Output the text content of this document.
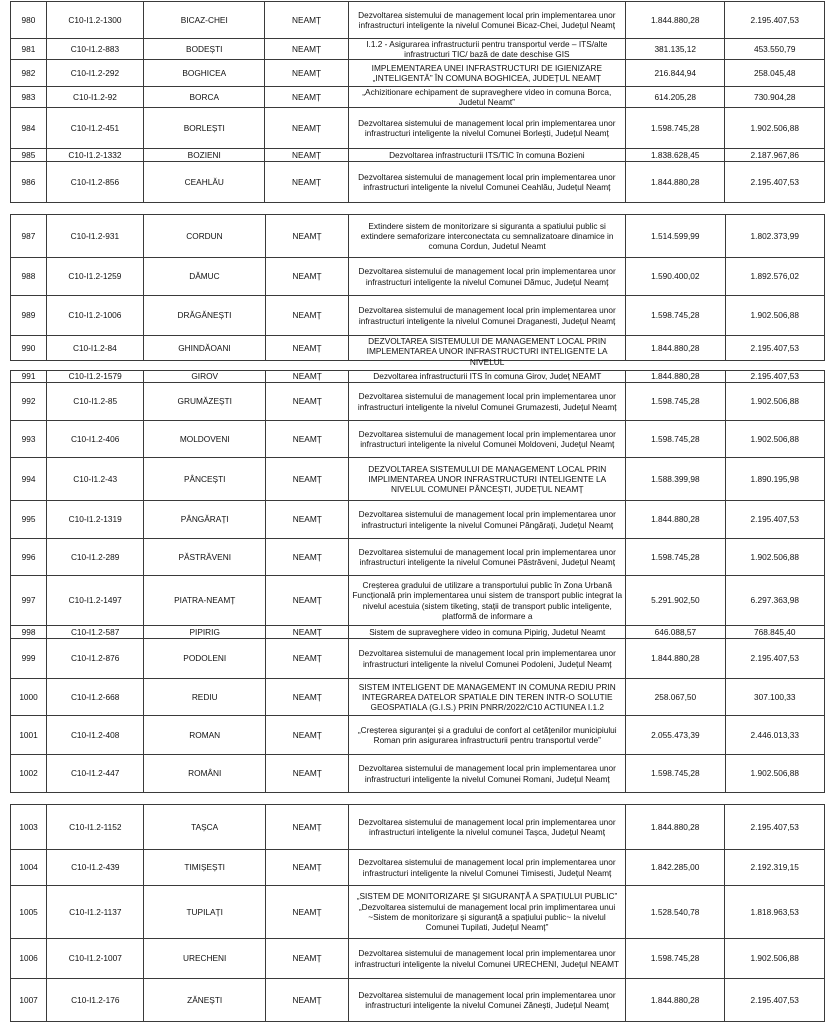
980	C10-I1.2-1300	BICAZ-CHEI	NEAMȚ	Dezvoltarea sistemului de management local prin implementarea unor infrastructuri inteligente la nivelul Comunei Bicaz-Chei, Județul Neamț	1.844.880,28	2.195.407,53
981	C10-I1.2-883	BODEȘTI	NEAMȚ	I.1.2 - Asigurarea infrastructurii pentru transportul verde – ITS/alte infrastructuri TIC/ bază de date deschise GIS	381.135,12	453.550,79
982	C10-I1.2-292	BOGHICEA	NEAMȚ	IMPLEMENTAREA UNEI INFRASTRUCTURI DE IGIENIZARE „INTELIGENTĂ” ÎN COMUNA BOGHICEA, JUDEȚUL NEAMȚ	216.844,94	258.045,48
983	C10-I1.2-92	BORCA	NEAMȚ	„Achizitionare echipament de supraveghere video in comuna Borca, Judetul Neamt”	614.205,28	730.904,28
984	C10-I1.2-451	BORLEȘTI	NEAMȚ	Dezvoltarea sistemului de management local prin implementarea unor infrastructuri inteligente la nivelul Comunei Borlești, Județul Neamț	1.598.745,28	1.902.506,88
985	C10-I1.2-1332	BOZIENI	NEAMȚ	Dezvoltarea infrastructurii ITS/TIC în comuna Bozieni	1.838.628,45	2.187.967,86
986	C10-I1.2-856	CEAHLĂU	NEAMȚ	Dezvoltarea sistemului de management local prin implementarea unor infrastructuri inteligente la nivelul Comunei Ceahlău, Județul Neamț	1.844.880,28	2.195.407,53
987	C10-I1.2-931	CORDUN	NEAMȚ	Extindere sistem de monitorizare si siguranta a spatiului public si extindere semaforizare interconectata cu semnalizatoare dinamice in comuna Cordun, Judetul Neamt	1.514.599,99	1.802.373,99
988	C10-I1.2-1259	DĂMUC	NEAMȚ	Dezvoltarea sistemului de management local prin implementarea unor infrastructuri inteligente la nivelul Comunei Dămuc, Județul Neamț	1.590.400,02	1.892.576,02
989	C10-I1.2-1006	DRĂGĂNEȘTI	NEAMȚ	Dezvoltarea sistemului de management local prin implementarea unor infrastructuri inteligente la nivelul Comunei Draganesti, Județul Neamț	1.598.745,28	1.902.506,88
990	C10-I1.2-84	GHINDĂOANI	NEAMȚ	DEZVOLTAREA SISTEMULUI DE MANAGEMENT LOCAL PRIN IMPLEMENTAREA UNOR INFRASTRUCTURI INTELIGENTE LA NIVELUL	1.844.880,28	2.195.407,53
991	C10-I1.2-1579	GIROV	NEAMȚ	Dezvoltarea infrastructurii ITS în comuna Girov, Județ NEAMT	1.844.880,28	2.195.407,53
992	C10-I1.2-85	GRUMĂZEȘTI	NEAMȚ	Dezvoltarea sistemului de management local prin implementarea unor infrastructuri inteligente la nivelul Comunei Grumazesti, Județul Neamț	1.598.745,28	1.902.506,88
993	C10-I1.2-406	MOLDOVENI	NEAMȚ	Dezvoltarea sistemului de management local prin implementarea unor infrastructuri inteligente la nivelul Comunei Moldoveni, Județul Neamț	1.598.745,28	1.902.506,88
994	C10-I1.2-43	PÂNCEȘTI	NEAMȚ	DEZVOLTAREA SISTEMULUI DE MANAGEMENT LOCAL PRIN IMPLIMENTAREA UNOR INFRASTRUCTURI INTELIGENTE LA NIVELUL COMUNEI PÂNCEȘTI, JUDEȚUL NEAMȚ	1.588.399,98	1.890.195,98
995	C10-I1.2-1319	PÂNGĂRAȚI	NEAMȚ	Dezvoltarea sistemului de management local prin implementarea unor infrastructuri inteligente la nivelul Comunei Pângărați, Județul Neamț	1.844.880,28	2.195.407,53
996	C10-I1.2-289	PĂSTRĂVENI	NEAMȚ	Dezvoltarea sistemului de management local prin implementarea unor infrastructuri inteligente la nivelul Comunei Păstrăveni, Județul Neamț	1.598.745,28	1.902.506,88
997	C10-I1.2-1497	PIATRA-NEAMȚ	NEAMȚ	Creșterea gradului de utilizare a transportului public în Zona Urbană Funcțională prin implementarea unui sistem de transport public integrat la nivelul acestuia (sistem tiketing, stații de transport public inteligente, platformă de informare a	5.291.902,50	6.297.363,98
998	C10-I1.2-587	PIPIRIG	NEAMȚ	Sistem de supraveghere video in comuna Pipirig, Judetul Neamt	646.088,57	768.845,40
999	C10-I1.2-876	PODOLENI	NEAMȚ	Dezvoltarea sistemului de management local prin implementarea unor infrastructuri inteligente la nivelul Comunei Podoleni, Județul Neamț	1.844.880,28	2.195.407,53
1000	C10-I1.2-668	REDIU	NEAMȚ	SISTEM INTELIGENT DE MANAGEMENT IN COMUNA REDIU PRIN INTEGRAREA DATELOR SPATIALE DIN TEREN INTR-O SOLUTIE GEOSPATIALA (G.I.S.) PRIN PNRR/2022/C10 ACTIUNEA I.1.2	258.067,50	307.100,33
1001	C10-I1.2-408	ROMAN	NEAMȚ	„Creșterea siguranței și a gradului de confort al cetățenilor municipiului Roman prin asigurarea infrastructurii pentru transportul verde”	2.055.473,39	2.446.013,33
1002	C10-I1.2-447	ROMÂNI	NEAMȚ	Dezvoltarea sistemului de management local prin implementarea unor infrastructuri inteligente la nivelul Comunei Romani, Județul Neamț	1.598.745,28	1.902.506,88
1003	C10-I1.2-1152	TAȘCA	NEAMȚ	Dezvoltarea sistemului de management local prin implementarea unor infrastructuri inteligente la nivelul comunei Tașca, Județul Neamț	1.844.880,28	2.195.407,53
1004	C10-I1.2-439	TIMIȘEȘTI	NEAMȚ	Dezvoltarea sistemului de management local prin implementarea unor infrastructuri inteligente la nivelul Comunei Timisesti, Județul Neamț	1.842.285,00	2.192.319,15
1005	C10-I1.2-1137	TUPILAȚI	NEAMȚ	„SISTEM DE MONITORIZARE ȘI SIGURANȚĂ A SPAȚIULUI PUBLIC” „Dezvoltarea sistemului de management local prin implimentarea unui ~Sistem de monitorizare și siguranță a spațiului public~ la nivelul Comunei Tupilati, Județul Neamț”	1.528.540,78	1.818.963,53
1006	C10-I1.2-1007	URECHENI	NEAMȚ	Dezvoltarea sistemului de management local prin implementarea unor infrastructuri inteligente la nivelul Comunei URECHENI, Județul NEAMT	1.598.745,28	1.902.506,88
1007	C10-I1.2-176	ZĂNEȘTI	NEAMȚ	Dezvoltarea sistemului de management local prin implementarea unor infrastructuri inteligente la nivelul Comunei Zănești, Județul Neamț	1.844.880,28	2.195.407,53
